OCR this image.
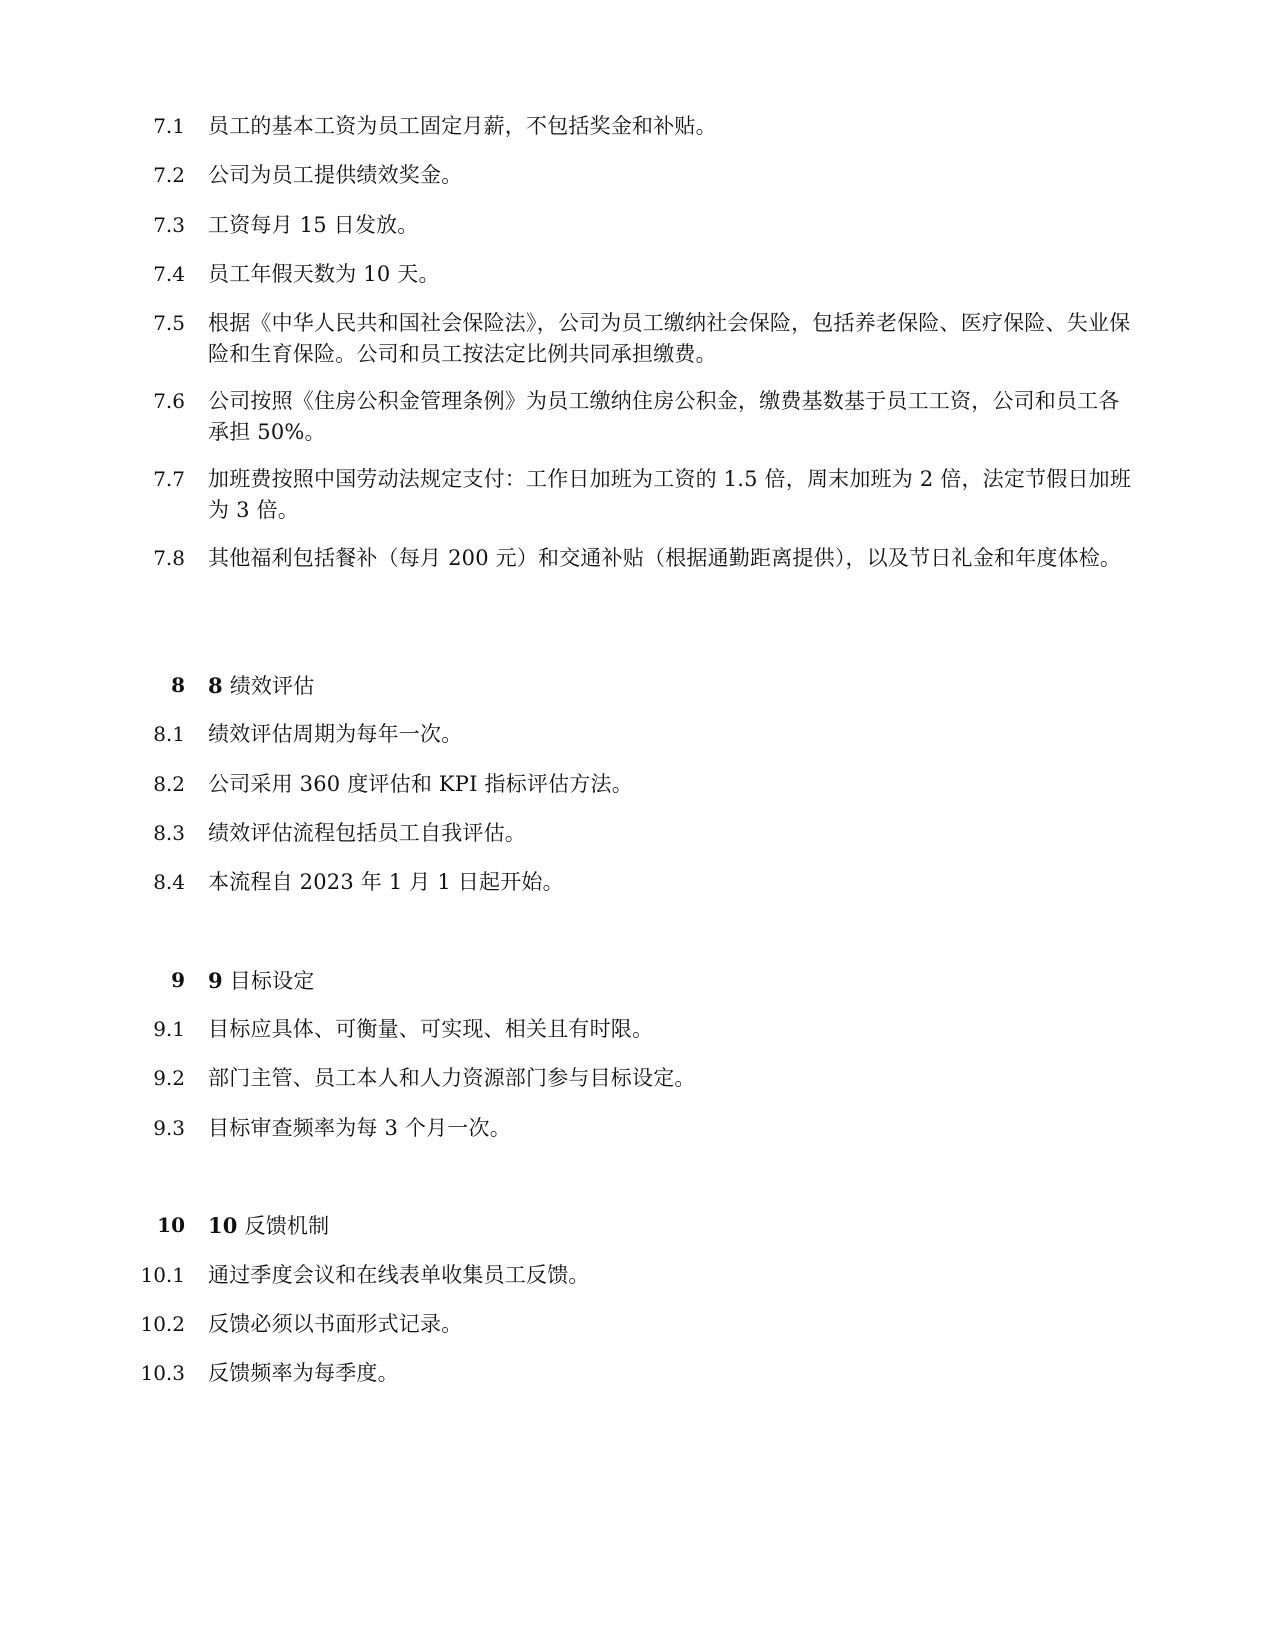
7.1 员工的基本工资为员工固定月薪，不包括奖金和补贴。
7.2 公司为员工提供绩效奖金。
7.3 工资每月 15 日发放。
7.4 员工年假天数为 10 天。
7.5 根据《中华人民共和国社会保险法》，公司为员工缴纳社会保险，包括养老保险、医疗保险、失业保险和生育保险。公司和员工按法定比例共同承担缴费。
7.6 公司按照《住房公积金管理条例》为员工缴纳住房公积金，缴费基数基于员工工资，公司和员工各承担 50%。
7.7 加班费按照中国劳动法规定支付：工作日加班为工资的 1.5 倍，周末加班为 2 倍，法定节假日加班为 3 倍。
7.8 其他福利包括餐补（每月 200 元）和交通补贴（根据通勤距离提供），以及节日礼金和年度体检。
8 8 绩效评估
8.1 绩效评估周期为每年一次。
8.2 公司采用 360 度评估和 KPI 指标评估方法。
8.3 绩效评估流程包括员工自我评估。
8.4 本流程自 2023 年 1 月 1 日起开始。
9 9 目标设定
9.1 目标应具体、可衡量、可实现、相关且有时限。
9.2 部门主管、员工本人和人力资源部门参与目标设定。
9.3 目标审查频率为每 3 个月一次。
10 10 反馈机制
10.1 通过季度会议和在线表单收集员工反馈。
10.2 反馈必须以书面形式记录。
10.3 反馈频率为每季度。
